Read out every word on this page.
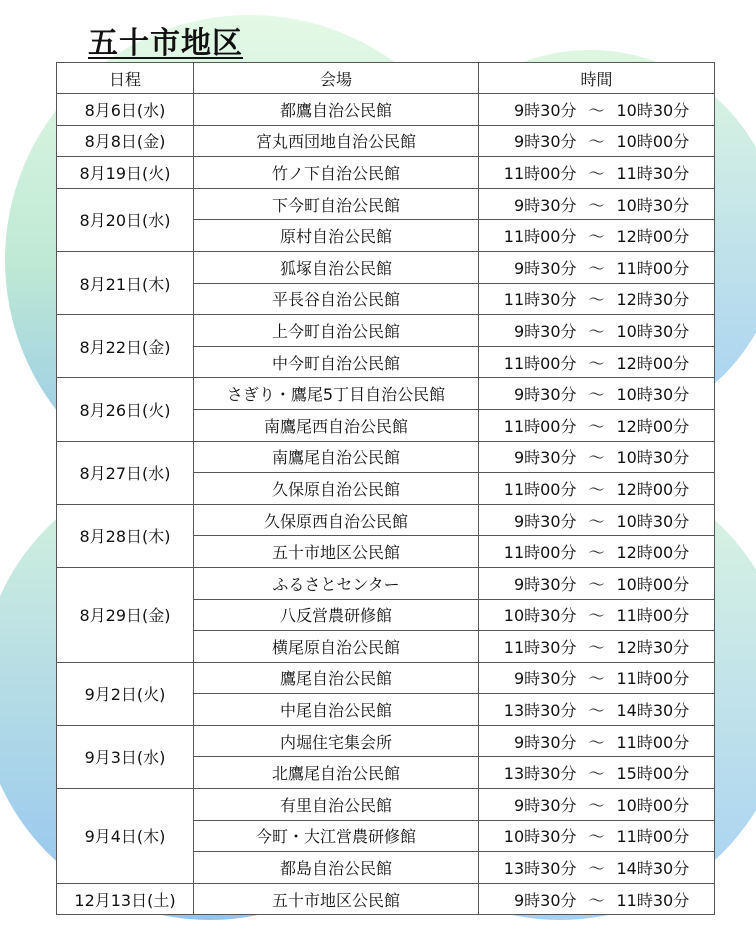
五十市地区
日程	会場	時間
8月6日(水)	都鷹自治公民館	9時30分 ～ 10時30分

8月8日(金)	宮丸西団地自治公民館	9時30分 ～ 10時00分

8月19日(火)	竹ノ下自治公民館	11時00分 ～ 11時30分

8月20日(水)	下今町自治公民館	9時30分 ～ 10時30分

	原村自治公民館	11時00分 ～ 12時00分

8月21日(木)	狐塚自治公民館	9時30分 ～ 11時00分

	平長谷自治公民館	11時30分 ～ 12時30分

8月22日(金)	上今町自治公民館	9時30分 ～ 10時30分

	中今町自治公民館	11時00分 ～ 12時00分

8月26日(火)	さぎり・鷹尾5丁目自治公民館	9時30分 ～ 10時30分

	南鷹尾西自治公民館	11時00分 ～ 12時00分

8月27日(水)	南鷹尾自治公民館	9時30分 ～ 10時30分

	久保原自治公民館	11時00分 ～ 12時00分

8月28日(木)	久保原西自治公民館	9時30分 ～ 10時30分

	五十市地区公民館	11時00分 ～ 12時00分

8月29日(金)	ふるさとセンター	9時30分 ～ 10時00分

	八反営農研修館	10時30分 ～ 11時00分

	横尾原自治公民館	11時30分 ～ 12時30分

9月2日(火)	鷹尾自治公民館	9時30分 ～ 11時00分

	中尾自治公民館	13時30分 ～ 14時30分

9月3日(水)	内堀住宅集会所	9時30分 ～ 11時00分

	北鷹尾自治公民館	13時30分 ～ 15時00分

9月4日(木)	有里自治公民館	9時30分 ～ 10時00分

	今町・大江営農研修館	10時30分 ～ 11時00分

	都島自治公民館	13時30分 ～ 14時30分

12月13日(土)	五十市地区公民館	9時30分 ～ 11時30分
